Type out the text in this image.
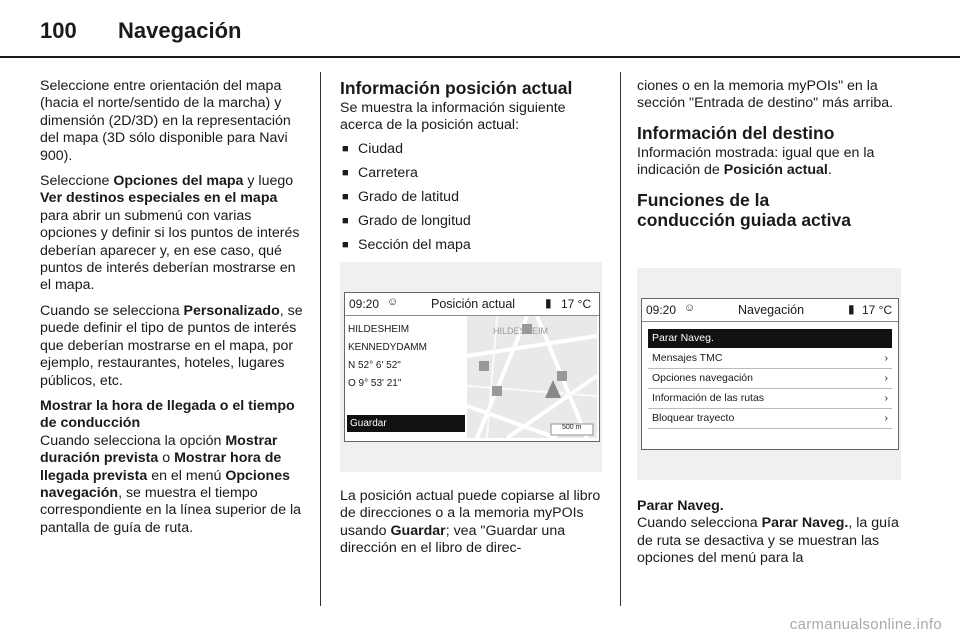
100 Navegación

Seleccione entre orientación del mapa (hacia el norte/sentido de la marcha) y dimensión (2D/3D) en la representación del mapa (3D sólo disponible para Navi 900).

Seleccione Opciones del mapa y luego Ver destinos especiales en el mapa para abrir un submenú con varias opciones y definir si los puntos de interés deberían aparecer y, en ese caso, qué puntos de interés deberían mostrarse en el mapa.

Cuando se selecciona Personalizado, se puede definir el tipo de puntos de interés que deberían mostrarse en el mapa, por ejemplo, restaurantes, hoteles, lugares públicos, etc.

Mostrar la hora de llegada o el tiempo de conducción

Cuando selecciona la opción Mostrar duración prevista o Mostrar hora de llegada prevista en el menú Opciones navegación, se muestra el tiempo correspondiente en la línea superior de la pantalla de guía de ruta.

Información posición actual

Se muestra la información siguiente acerca de la posición actual:

■ Ciudad
■ Carretera
■ Grado de latitud
■ Grado de longitud
■ Sección del mapa
09:20 ☺	Posición actual ▮ 17 °C
HILDESHEIM
KENNEDYDAMM
N 52° 6' 52"
O 9° 53' 21"
Guardar
HILDESHEIM
500 m

La posición actual puede copiarse al libro de direcciones o a la memoria myPOIs usando Guardar; vea "Guardar una dirección en el libro de direc-

ciones o en la memoria myPOIs" en la sección "Entrada de destino" más arriba.

Información del destino

Información mostrada: igual que en la indicación de Posición actual.

Funciones de la conducción guiada activa
09:20 ☺	Navegación	▮ 17 °C
Parar Naveg.
Mensajes TMC	›
Opciones navegación	›
Información de las rutas	›
Bloquear trayecto	›
Parar Naveg.

Cuando selecciona Parar Naveg., la guía de ruta se desactiva y se muestran las opciones del menú para la

carmanualsonline.info
